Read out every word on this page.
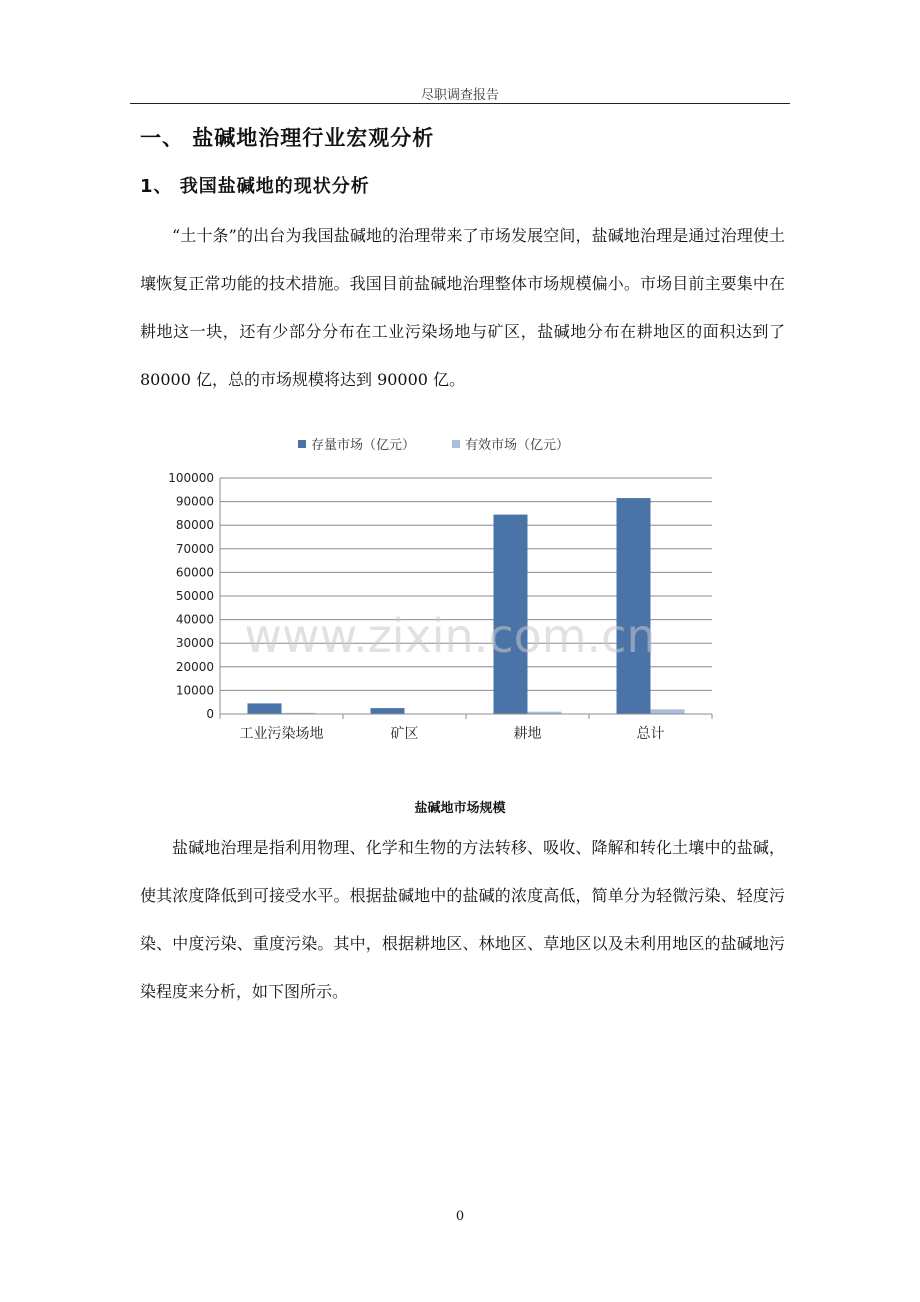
尽职调查报告
一、 盐碱地治理行业宏观分析
1、 我国盐碱地的现状分析

“土十条”的出台为我国盐碱地的治理带来了市场发展空间，盐碱地治理是通过治理使土壤恢复正常功能的技术措施。我国目前盐碱地治理整体市场规模偏小。市场目前主要集中在耕地这一块，还有少部分分布在工业污染场地与矿区，盐碱地分布在耕地区的面积达到了 80000 亿，总的市场规模将达到 90000 亿。

存量市场（亿元）	有效市场（亿元）
0
10000
20000
30000
40000
50000
60000
70000
80000
90000
100000
工业污染场地	矿区	耕地	总计
www.zixin.com.cn
盐碱地市场规模

盐碱地治理是指利用物理、化学和生物的方法转移、吸收、降解和转化土壤中的盐碱，使其浓度降低到可接受水平。根据盐碱地中的盐碱的浓度高低，简单分为轻微污染、轻度污染、中度污染、重度污染。其中，根据耕地区、林地区、草地区以及未利用地区的盐碱地污染程度来分析，如下图所示。

0
